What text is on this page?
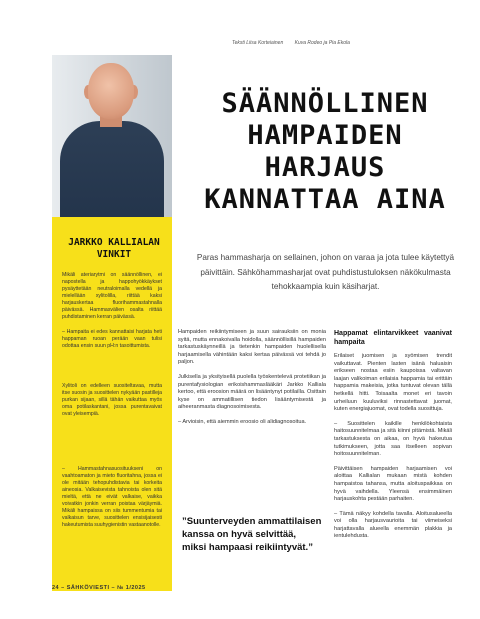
Teksti Liisa Korteiainen Kuva Rodeo ja Pia Ekola
JARKKO KALLIALAN VINKIT

Mikäli ateriarytmi on säännöllinen, ei napostella ja happohyökkäykset pysäyttetään neutraloimalla vedellä ja mielellään xylitolilla, riittää kaksi harjauskertaa fluorihammastahnalla päivässä. Hammasvälien osalta riittää puhdistaminen kerran päivässä.

– Hampaita ei edes kannattaisi harjata heti happaman ruoan perään vaan tulisi odottaa ensin suun pH:n tasoittumista.

Xylitoli on edelleen suositeltavaa, mutta itse suosin ja suosittelen nykyään pastilleja purkan sijaan, sillä tähän vaikuttaa myös oma potilaskantani, jossa purentavaivat ovat yleisempiä.

– Hammastahnasuosituukseni on vaahtoamaton ja mieto fluoritahna, jossa ei ole mitään tehopuhdistavia tai korkeita aineosia. Valkaisevista tahnoista olen sitä mieltä, että ne eivät valkaise, vaikka voivatkin jonkin verran poistaa värjäymiä. Mikäli hampaissa on siis tummentumia tai valkaisun tarve, suosittelen ensisijaisesti hakeutumista suuhygienistin vastaanotolle.

SÄÄNNÖLLINEN
HAMPAIDEN
HARJAUS
KANNATTAA AINA

Paras hammasharja on sellainen, johon on varaa ja jota tulee käytettyä päivittäin. Sähköhammasharjat ovat puhdistustuloksen näkökulmasta tehokkaampia kuin käsiharjat.

Hampaiden reikiintymiseen ja suun sairauksiin on monia syitä, mutta ennakoivalla hoidolla, säännöllisillä hampaiden tarkastuskäynneillä ja tietenkin hampaiden huolellisella harjaamisella vähintään kaksi kertaa päivässä voi tehdä jo paljon.

Julkisella ja yksityisellä puolella työskentelevä protetiikan ja purentafysiologian erikoishammaslääkäri Jarkko Kalliala kertoo, että eroosion määrä on lisääntynyt potilailla. Osittain kyse on ammatillisen tiedon lisääntymisestä ja aiheeranmasta diagnosoimisesta.

– Arvioisin, että aiemmin eroosio oli alidiagnosoitua.

”Suunterveyden ammattilaisen kanssa on hyvä selvittää, miksi hampaasi reikiintyvät.”

Happamat elintarvikkeet vaanivat hampaita

Erilaiset juomisen ja syömisen trendit vaikuttavat. Pienten lasten isänä haluaisin erikseen nostaa esiin kaupoissa valtavan laajan valikoiman erilaisia happamia tai erittäin happamia makeisia, jotka tuntuvat olevan tällä hetkellä hitti. Toisaalta monet eri tavoin urheiluun kuuluviksi rinnastettavat juomat, kuten energiajuomat, ovat todella suosittuja.

– Suosittelen kaikille henkilökohtaista haitosuunnitelmaa ja sitä kiinni pitämistä. Mikäli tarkastuksesta on aikaa, on hyvä hakeutua tutkimukseen, jotta saa itselleen sopivan hoitosuunnitelman.

Päivittäisen hampaiden harjaamisen voi aloittaa Kallialan mukaan mistä kohden hampaistoa tahansa, mutta aloituspaikkaa on hyvä vaihdella. Yleensä ensimmäinen harjauskohta pestään parhaiten.

– Tämä näkyy kohdella tavalla. Aloitusalueella voi olla harjausvaurioita tai viimeiseksi harjattavalla alueella enemmän plakkia ja ientulehdusta.

24 – SÄHKÖVIESTI – № 1/2025
